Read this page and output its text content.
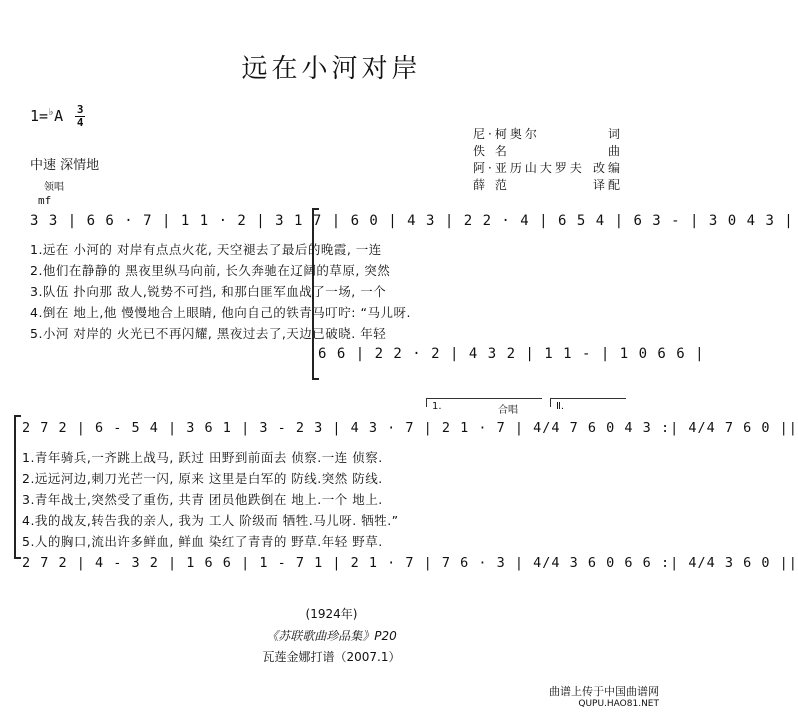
远在小河对岸
$1=^♭A \frac{3}{4}$
尼·柯奥尔	词
佚 名	曲
阿·亚历山大罗夫 改编
薛 范	译配
中速 深情地
领唱
mf
3 3 | 6 6 · 7 | 1 1 · 2 | 3 1 7 | 6 0 | 4 3 | 2 2 · 4 | 6 5 4 | 6 3 - | 3 0 4 3 |
1.远在 小河的 对岸有点点火花, 天空褪去了最后的晚霞, 一连
2.他们在静静的 黑夜里纵马向前, 长久奔驰在辽阔的草原, 突然
3.队伍 扑向那 敌人,锐势不可挡, 和那白匪军血战了一场, 一个
4.倒在 地上,他 慢慢地合上眼睛, 他向自己的铁青马叮咛: “马儿呀.
5.小河 对岸的 火光已不再闪耀, 黑夜过去了,天边已破晓. 年轻
6 6 | 2 2 · 2 | 4 3 2 | 1 1 - | 1 0 6 6 |
1.	合唱	Ⅱ.
2 7 2 | 6 - 5 4 | 3 6 1 | 3 - 2 3 | 4 3 · 7 | 2 1 · 7 | 4/4 7 6 0 4 3 :| 4/4 7 6 0 ||
1.青年骑兵,一齐跳上战马, 跃过 田野到前面去 侦察.一连 侦察.
2.远远河边,刺刀光芒一闪, 原来 这里是白军的 防线.突然 防线.
3.青年战士,突然受了重伤, 共青 团员他跌倒在 地上.一个 地上.
4.我的战友,转告我的亲人, 我为 工人 阶级而 牺牲.马儿呀. 牺牲.”
5.人的胸口,流出许多鲜血, 鲜血 染红了青青的 野草.年轻 野草.
2 7 2 | 4 - 3 2 | 1 6 6 | 1 - 7 1 | 2 1 · 7 | 7 6 · 3 | 4/4 3 6 0 6 6 :| 4/4 3 6 0 ||
(1924年)
《苏联歌曲珍品集》P20
瓦莲金娜打谱（2007.1）
曲谱上传于中国曲谱网
QUPU.HAO81.NET
